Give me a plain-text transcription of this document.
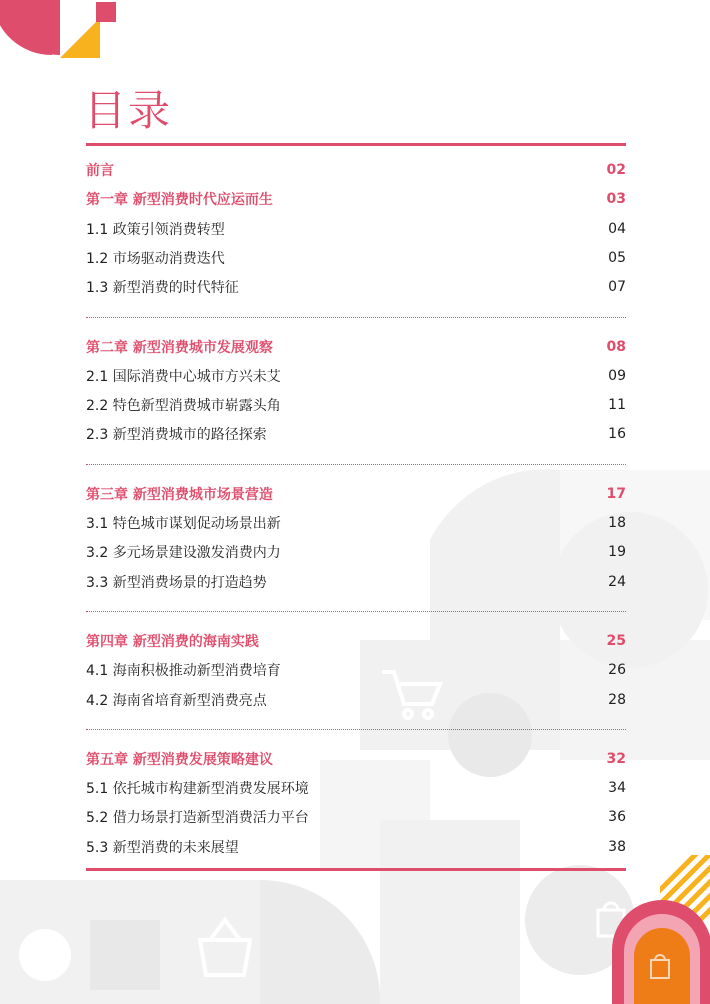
目录
前言	02
第一章 新型消费时代应运而生	03
1.1 政策引领消费转型	04
1.2 市场驱动消费迭代	05
1.3 新型消费的时代特征	07
第二章 新型消费城市发展观察	08
2.1 国际消费中心城市方兴未艾	09
2.2 特色新型消费城市崭露头角	11
2.3 新型消费城市的路径探索	16
第三章 新型消费城市场景营造	17
3.1 特色城市谋划促动场景出新	18
3.2 多元场景建设激发消费内力	19
3.3 新型消费场景的打造趋势	24
第四章 新型消费的海南实践	25
4.1 海南积极推动新型消费培育	26
4.2 海南省培育新型消费亮点	28
第五章 新型消费发展策略建议	32
5.1 依托城市构建新型消费发展环境	34
5.2 借力场景打造新型消费活力平台	36
5.3 新型消费的未来展望	38
